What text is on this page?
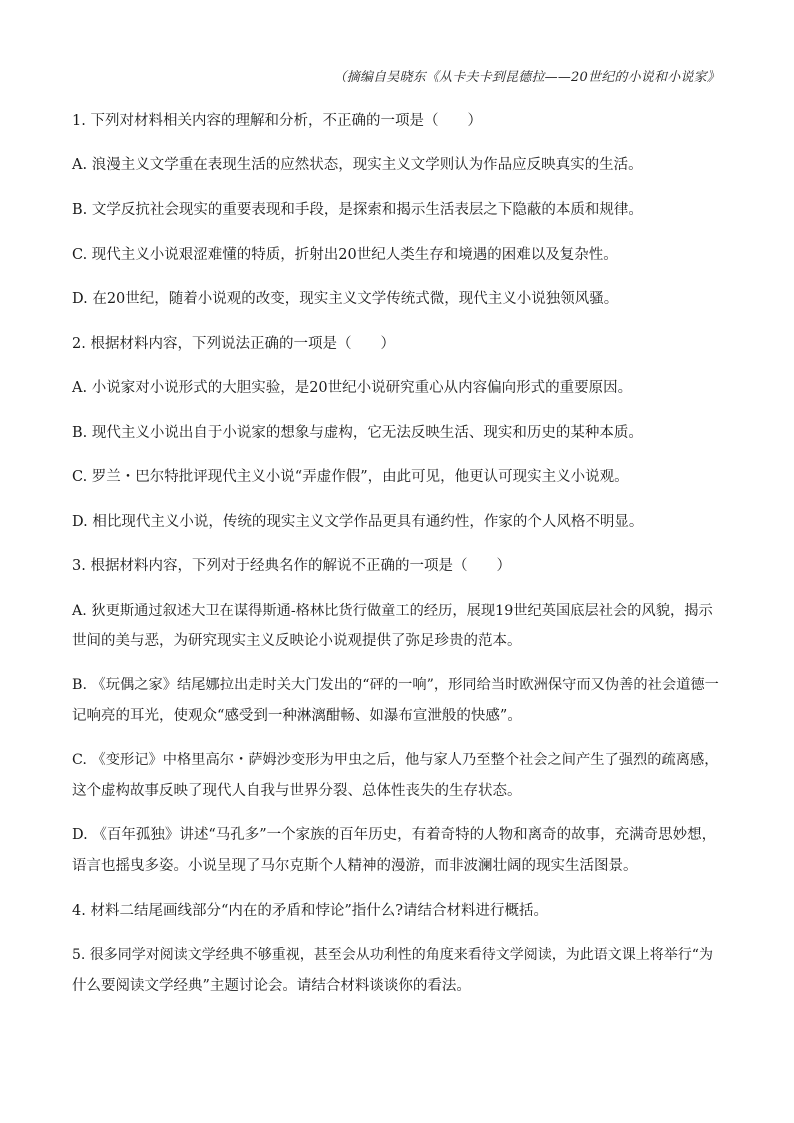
（摘编自吴晓东《从卡夫卡到昆德拉——20世纪的小说和小说家》
1. 下列对材料相关内容的理解和分析，不正确的一项是（　　）
A. 浪漫主义文学重在表现生活的应然状态，现实主义文学则认为作品应反映真实的生活。
B. 文学反抗社会现实的重要表现和手段，是探索和揭示生活表层之下隐蔽的本质和规律。
C. 现代主义小说艰涩难懂的特质，折射出20世纪人类生存和境遇的困难以及复杂性。
D. 在20世纪，随着小说观的改变，现实主义文学传统式微，现代主义小说独领风骚。
2. 根据材料内容，下列说法正确的一项是（　　）
A. 小说家对小说形式的大胆实验，是20世纪小说研究重心从内容偏向形式的重要原因。
B. 现代主义小说出自于小说家的想象与虚构，它无法反映生活、现实和历史的某种本质。
C. 罗兰・巴尔特批评现代主义小说“弄虚作假”，由此可见，他更认可现实主义小说观。
D. 相比现代主义小说，传统的现实主义文学作品更具有通约性，作家的个人风格不明显。
3. 根据材料内容，下列对于经典名作的解说不正确的一项是（　　）
A. 狄更斯通过叙述大卫在谋得斯通-格林比货行做童工的经历，展现19世纪英国底层社会的风貌，揭示
世间的美与恶，为研究现实主义反映论小说观提供了弥足珍贵的范本。
B. 《玩偶之家》结尾娜拉出走时关大门发出的“砰的一响”，形同给当时欧洲保守而又伪善的社会道德一
记响亮的耳光，使观众“感受到一种淋漓酣畅、如瀑布宣泄般的快感”。
C. 《变形记》中格里高尔・萨姆沙变形为甲虫之后，他与家人乃至整个社会之间产生了强烈的疏离感，
这个虚构故事反映了现代人自我与世界分裂、总体性丧失的生存状态。
D. 《百年孤独》讲述“马孔多”一个家族的百年历史，有着奇特的人物和离奇的故事，充满奇思妙想，
语言也摇曳多姿。小说呈现了马尔克斯个人精神的漫游，而非波澜壮阔的现实生活图景。
4. 材料二结尾画线部分“内在的矛盾和悖论”指什么?请结合材料进行概括。
5. 很多同学对阅读文学经典不够重视，甚至会从功利性的角度来看待文学阅读，为此语文课上将举行“为
什么要阅读文学经典”主题讨论会。请结合材料谈谈你的看法。
